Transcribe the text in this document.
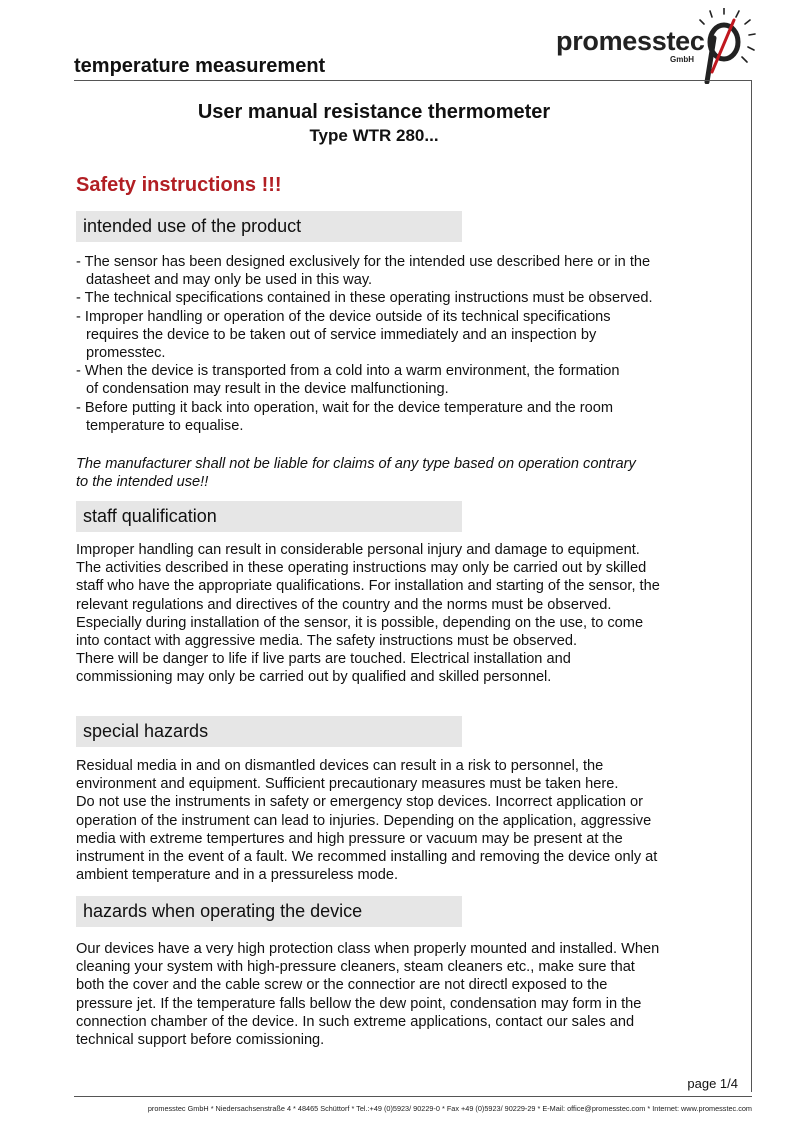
promesstec
GmbH
temperature measurement
User manual resistance thermometer
Type WTR 280...
Safety instructions !!!
intended use of the product
- The sensor has been designed exclusively for the intended use described here or in the
datasheet and may only be used in this way.
- The technical specifications contained in these operating instructions must be observed.
- Improper handling or operation of the device outside of its technical specifications
requires the device to be taken out of service immediately and an inspection by
promesstec.
- When the device is transported from a cold into a warm environment, the formation
of condensation may result in the device malfunctioning.
- Before putting it back into operation, wait for the device temperature and the room
temperature to equalise.
The manufacturer shall not be liable for claims of any type based on operation contrary
to the intended use!!
staff qualification
Improper handling can result in considerable personal injury and damage to equipment.
The activities described in these operating instructions may only be carried out by skilled
staff who have the appropriate qualifications. For installation and starting of the sensor, the
relevant regulations and directives of the country and the norms must be observed.
Especially during installation of the sensor, it is possible, depending on the use, to come
into contact with aggressive media. The safety instructions must be observed.
There will be danger to life if live parts are touched. Electrical installation and
commissioning may only be carried out by qualified and skilled personnel.
special hazards
Residual media in and on dismantled devices can result in a risk to personnel, the
environment and equipment. Sufficient precautionary measures must be taken here.
Do not use the instruments in safety or emergency stop devices. Incorrect application or
operation of the instrument can lead to injuries. Depending on the application, aggressive
media with extreme tempertures and high pressure or vacuum may be present at the
instrument in the event of a fault. We recommed installing and removing the device only at
ambient temperature and in a pressureless mode.
hazards when operating the device
Our devices have a very high protection class when properly mounted and installed. When
cleaning your system with high-pressure cleaners, steam cleaners etc., make sure that
both the cover and the cable screw or the connectior are not directl exposed to the
pressure jet. If the temperature falls bellow the dew point, condensation may form in the
connection chamber of the device. In such extreme applications, contact our sales and
technical support before comissioning.
page 1/4
promesstec GmbH * Niedersachsenstraße 4 * 48465 Schüttorf * Tel.:+49 (0)5923/ 90229-0 * Fax +49 (0)5923/ 90229-29 * E-Mail: office@promesstec.com * Internet: www.promesstec.com
